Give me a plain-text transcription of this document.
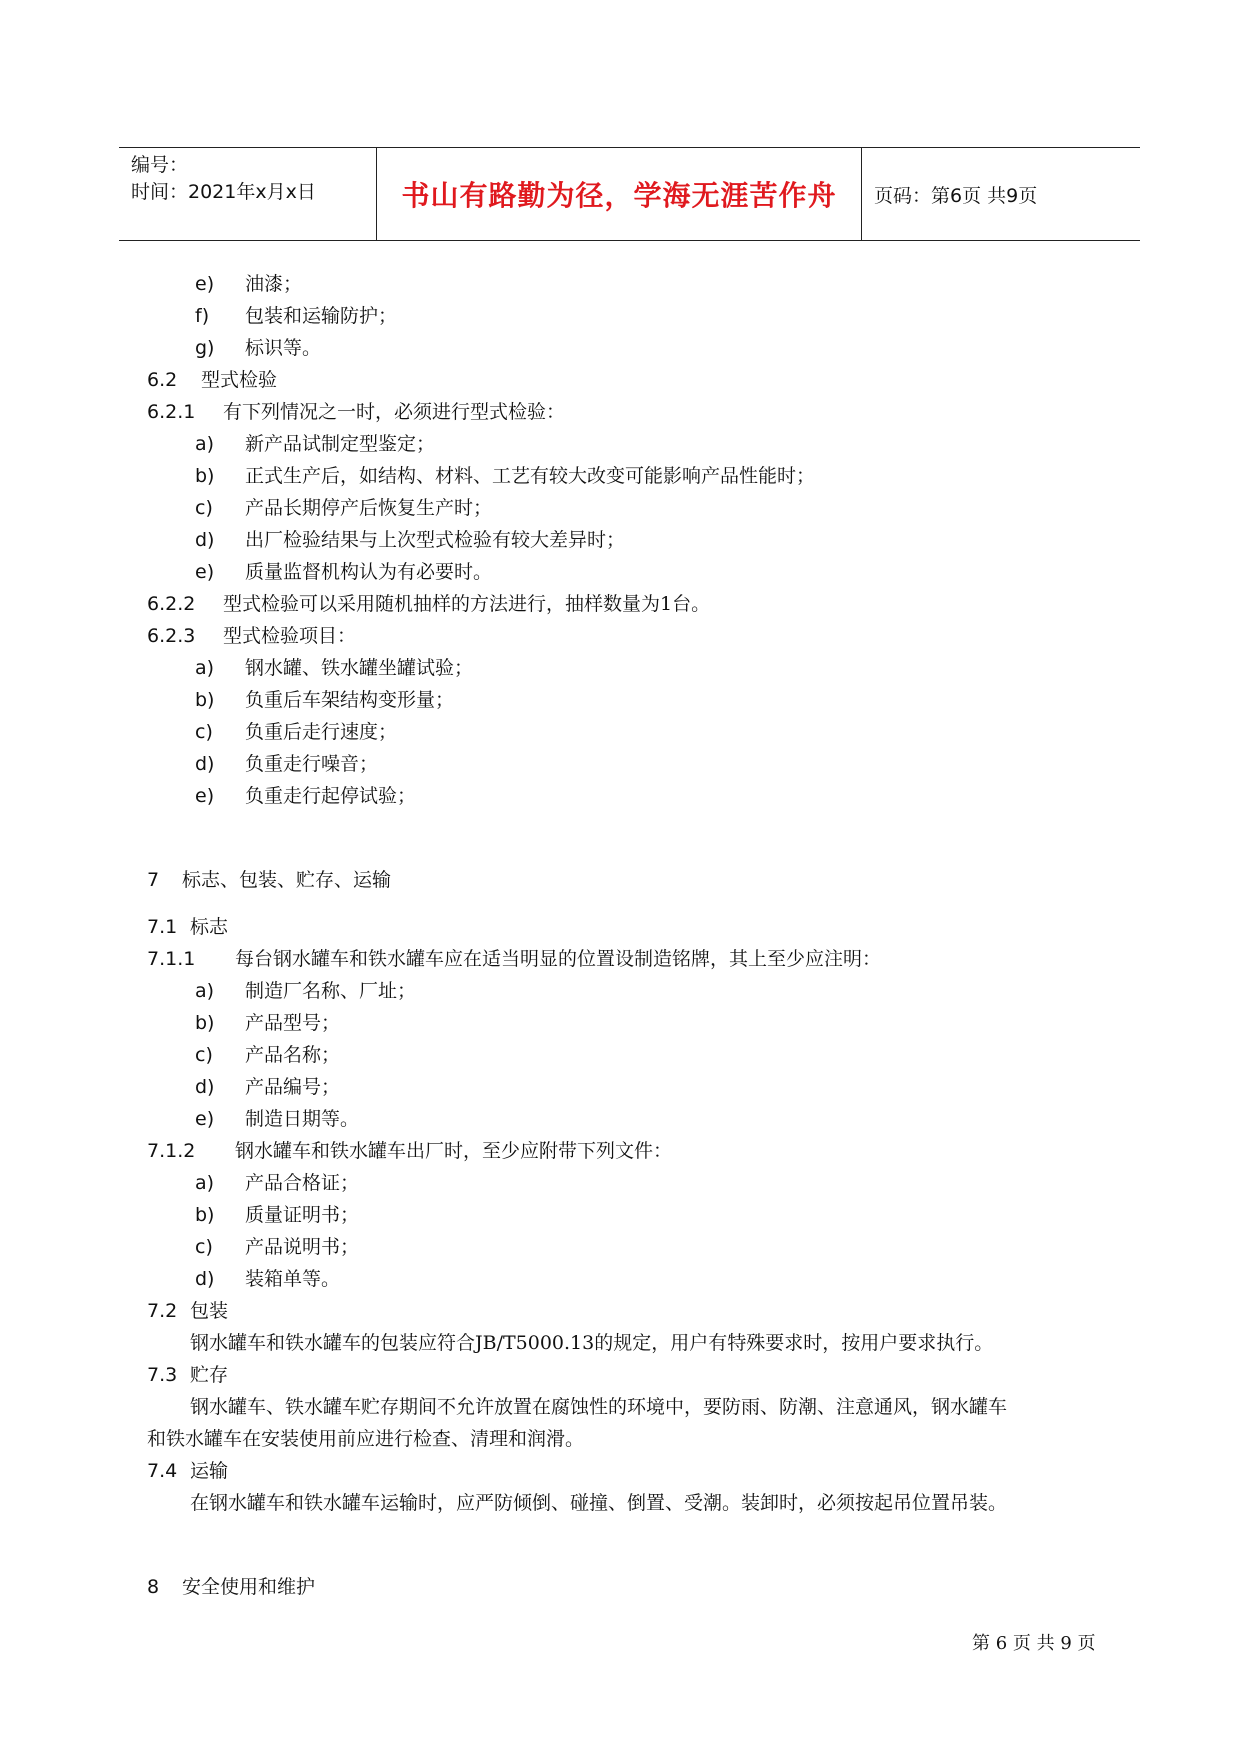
编号：
时间：2021年x月x日	书山有路勤为径，学海无涯苦作舟	页码：第6页 共9页
e) 油漆；
f) 包装和运输防护；
g) 标识等。
6.2 型式检验
6.2.1 有下列情况之一时，必须进行型式检验：
a) 新产品试制定型鉴定；
b) 正式生产后，如结构、材料、工艺有较大改变可能影响产品性能时；
c) 产品长期停产后恢复生产时；
d) 出厂检验结果与上次型式检验有较大差异时；
e) 质量监督机构认为有必要时。
6.2.2 型式检验可以采用随机抽样的方法进行，抽样数量为1台。
6.2.3 型式检验项目：
a) 钢水罐、铁水罐坐罐试验；
b) 负重后车架结构变形量；
c) 负重后走行速度；
d) 负重走行噪音；
e) 负重走行起停试验；
7 标志、包装、贮存、运输
7.1 标志
7.1.1 每台钢水罐车和铁水罐车应在适当明显的位置设制造铭牌，其上至少应注明：
a) 制造厂名称、厂址；
b) 产品型号；
c) 产品名称；
d) 产品编号；
e) 制造日期等。
7.1.2 钢水罐车和铁水罐车出厂时，至少应附带下列文件：
a) 产品合格证；
b) 质量证明书；
c) 产品说明书；
d) 装箱单等。
7.2 包装
钢水罐车和铁水罐车的包装应符合JB/T5000.13的规定，用户有特殊要求时，按用户要求执行。
7.3 贮存
钢水罐车、铁水罐车贮存期间不允许放置在腐蚀性的环境中，要防雨、防潮、注意通风，钢水罐车
和铁水罐车在安装使用前应进行检查、清理和润滑。
7.4 运输
在钢水罐车和铁水罐车运输时，应严防倾倒、碰撞、倒置、受潮。装卸时，必须按起吊位置吊装。
8 安全使用和维护
第 6 页 共 9 页
